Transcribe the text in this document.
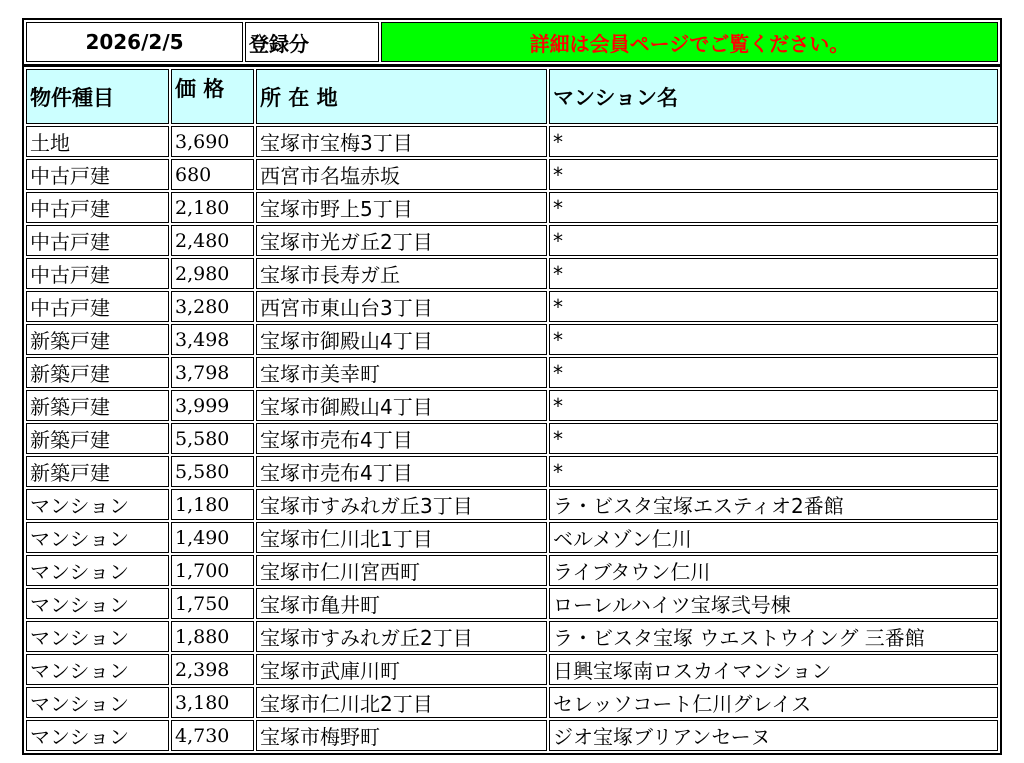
2026/2/5	登録分	詳細は会員ページでご覧ください。
物件種目	価 格	所 在 地	マンション名
土地	3,690	宝塚市宝梅3丁目	*
中古戸建	680	西宮市名塩赤坂	*
中古戸建	2,180	宝塚市野上5丁目	*
中古戸建	2,480	宝塚市光ガ丘2丁目	*
中古戸建	2,980	宝塚市長寿ガ丘	*
中古戸建	3,280	西宮市東山台3丁目	*
新築戸建	3,498	宝塚市御殿山4丁目	*
新築戸建	3,798	宝塚市美幸町	*
新築戸建	3,999	宝塚市御殿山4丁目	*
新築戸建	5,580	宝塚市売布4丁目	*
新築戸建	5,580	宝塚市売布4丁目	*
マンション	1,180	宝塚市すみれガ丘3丁目	ラ・ビスタ宝塚エスティオ2番館
マンション	1,490	宝塚市仁川北1丁目	ベルメゾン仁川
マンション	1,700	宝塚市仁川宮西町	ライブタウン仁川
マンション	1,750	宝塚市亀井町	ローレルハイツ宝塚弐号棟
マンション	1,880	宝塚市すみれガ丘2丁目	ラ・ビスタ宝塚 ウエストウイング 三番館
マンション	2,398	宝塚市武庫川町	日興宝塚南ロスカイマンション
マンション	3,180	宝塚市仁川北2丁目	セレッソコート仁川グレイス
マンション	4,730	宝塚市梅野町	ジオ宝塚ブリアンセーヌ
